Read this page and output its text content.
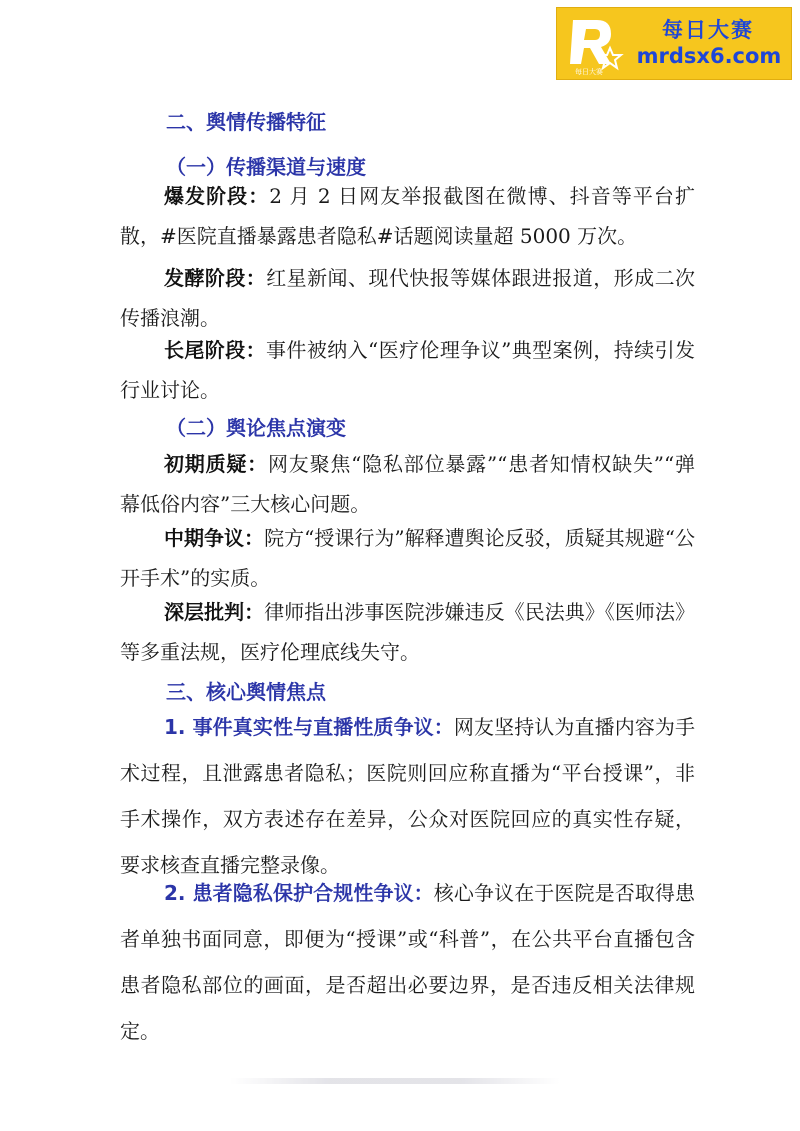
每日大赛
每日大赛
mrdsx6.com
二、舆情传播特征
（一）传播渠道与速度

爆发阶段：2 月 2 日网友举报截图在微博、抖音等平台扩散，#医院直播暴露患者隐私#话题阅读量超 5000 万次。

发酵阶段：红星新闻、现代快报等媒体跟进报道，形成二次传播浪潮。

长尾阶段：事件被纳入“医疗伦理争议”典型案例，持续引发行业讨论。

（二）舆论焦点演变

初期质疑：网友聚焦“隐私部位暴露”“患者知情权缺失”“弹幕低俗内容”三大核心问题。

中期争议：院方“授课行为”解释遭舆论反驳，质疑其规避“公开手术”的实质。

深层批判：律师指出涉事医院涉嫌违反《民法典》《医师法》等多重法规，医疗伦理底线失守。

三、核心舆情焦点

1. 事件真实性与直播性质争议：网友坚持认为直播内容为手术过程，且泄露患者隐私；医院则回应称直播为“平台授课”，非手术操作，双方表述存在差异，公众对医院回应的真实性存疑，要求核查直播完整录像。

2. 患者隐私保护合规性争议：核心争议在于医院是否取得患者单独书面同意，即便为“授课”或“科普”，在公共平台直播包含患者隐私部位的画面，是否超出必要边界，是否违反相关法律规定。
